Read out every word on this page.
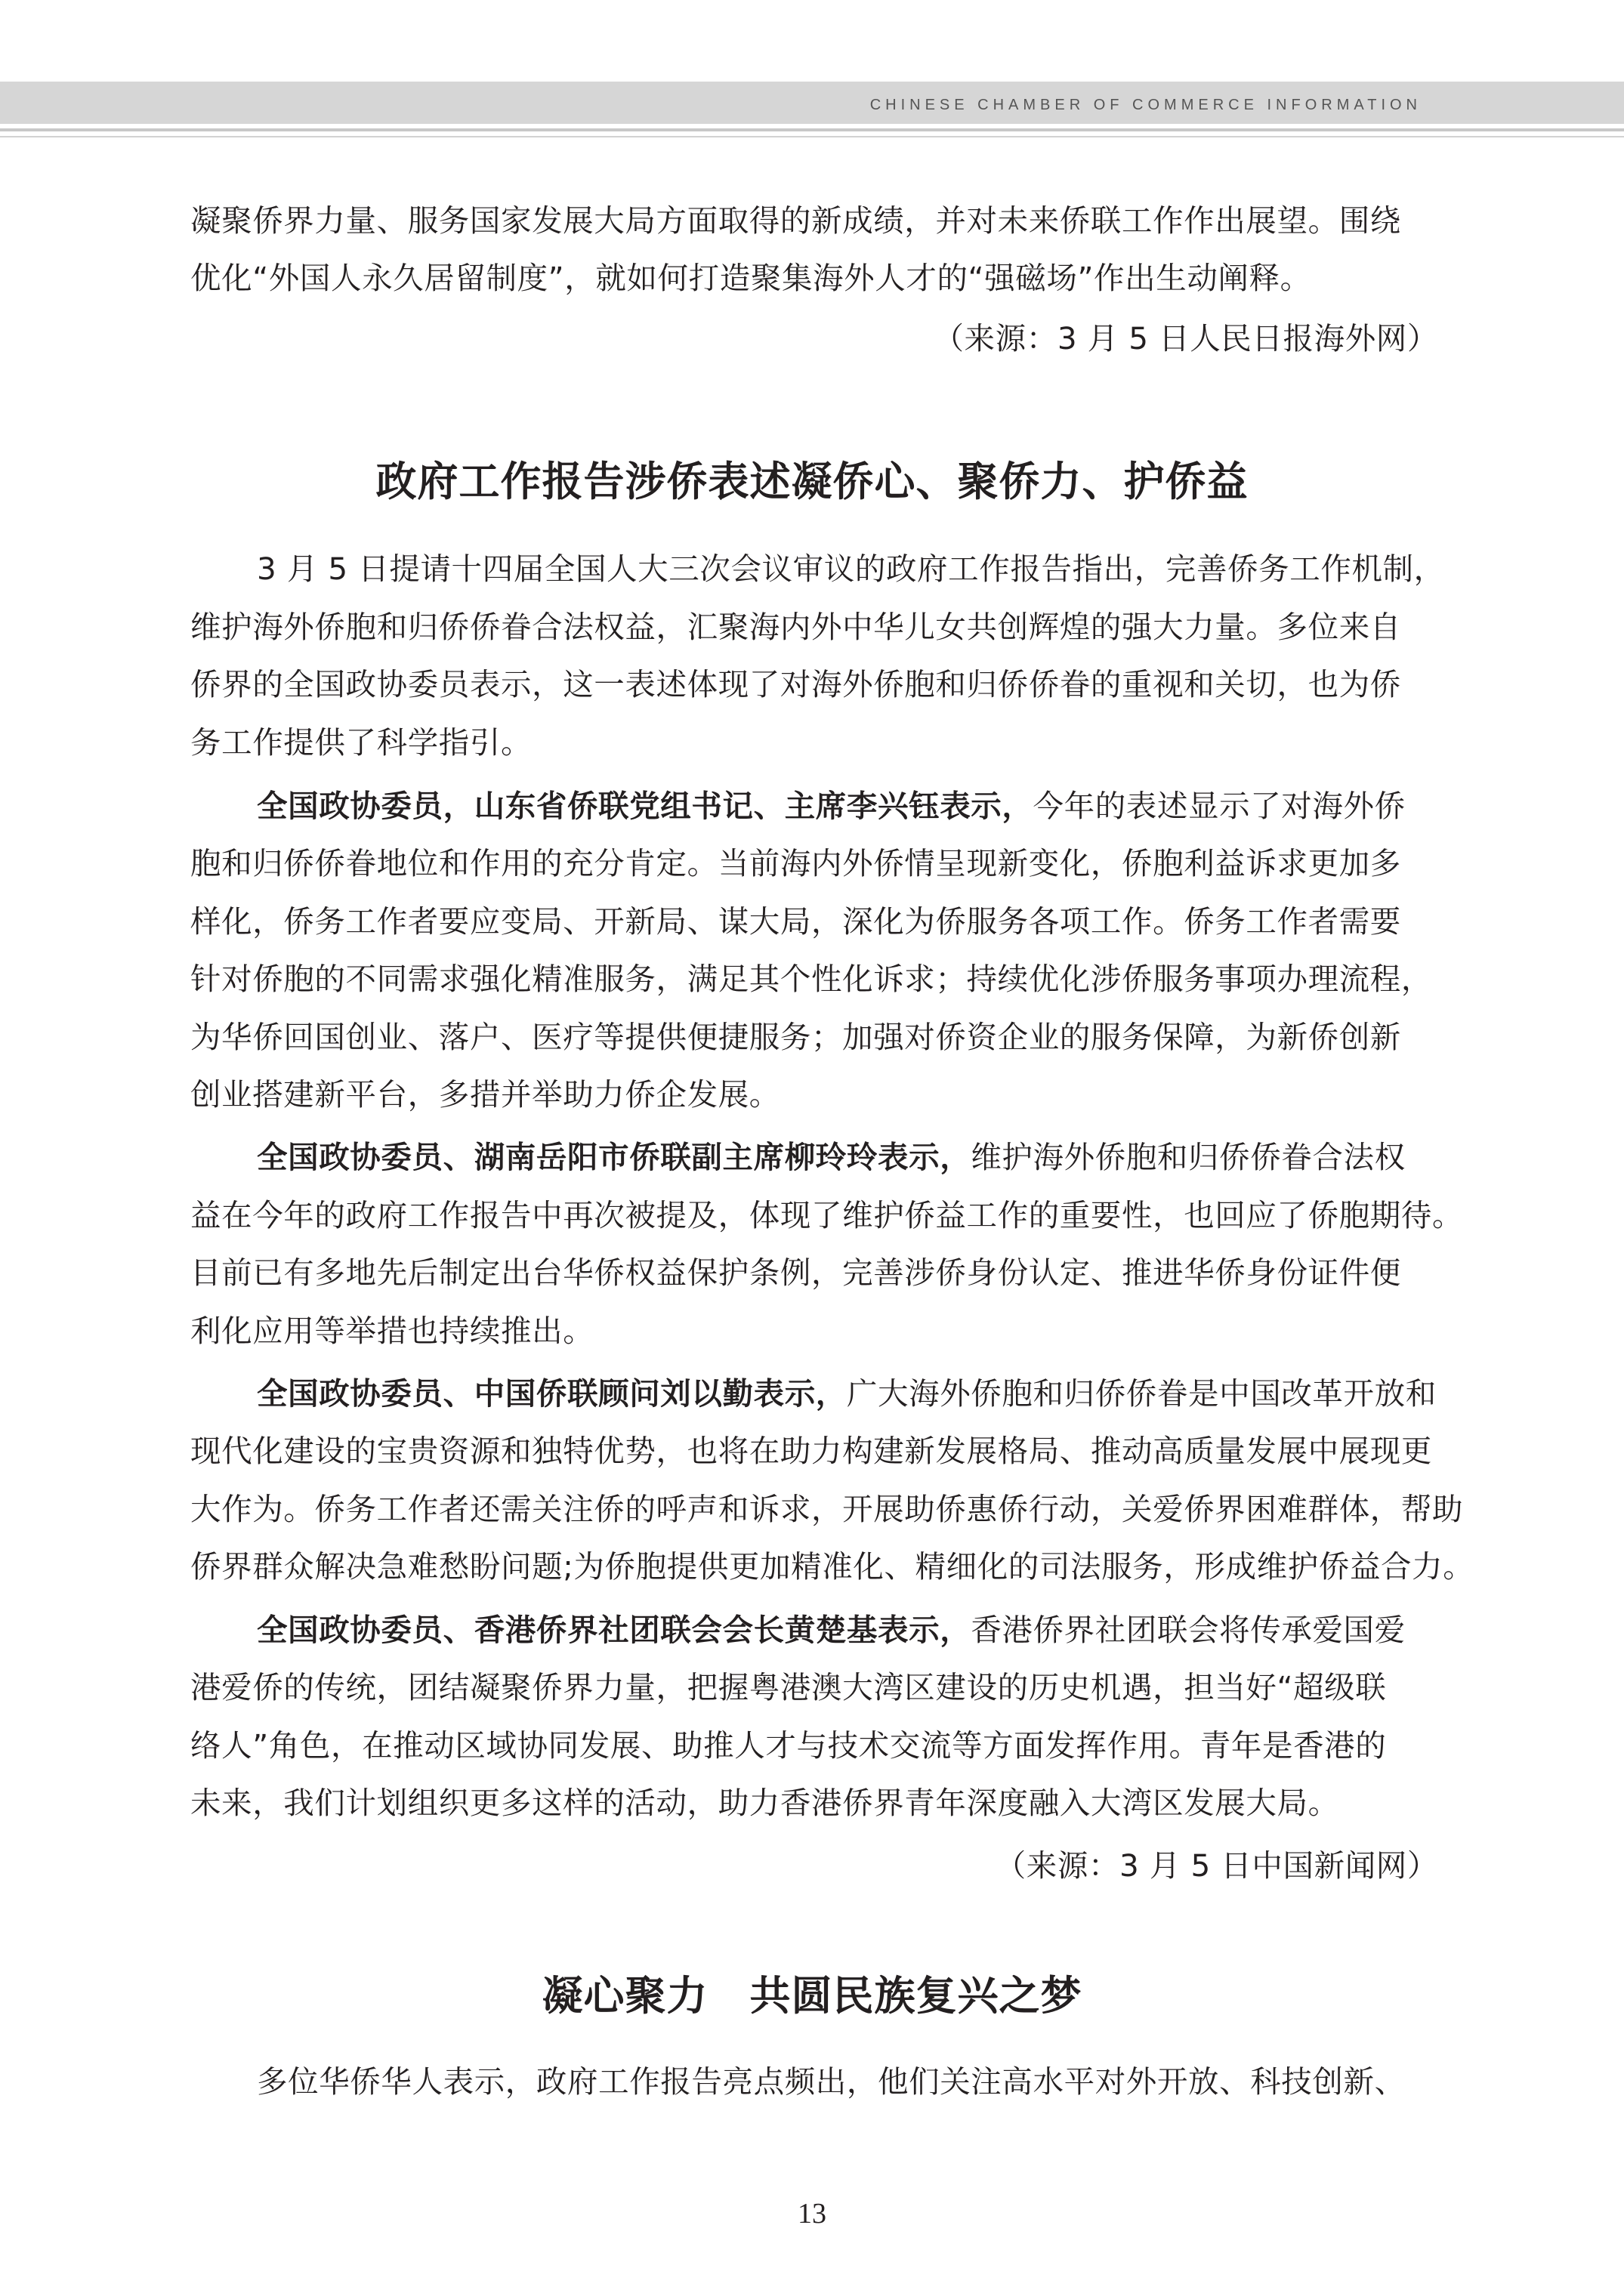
CHINESE CHAMBER OF COMMERCE INFORMATION
凝聚侨界力量、服务国家发展大局方面取得的新成绩，并对未来侨联工作作出展望。围绕
优化“外国人永久居留制度”，就如何打造聚集海外人才的“强磁场”作出生动阐释。
（来源：3 月 5 日人民日报海外网）
政府工作报告涉侨表述凝侨心、聚侨力、护侨益
3 月 5 日提请十四届全国人大三次会议审议的政府工作报告指出，完善侨务工作机制，
维护海外侨胞和归侨侨眷合法权益，汇聚海内外中华儿女共创辉煌的强大力量。多位来自
侨界的全国政协委员表示，这一表述体现了对海外侨胞和归侨侨眷的重视和关切，也为侨
务工作提供了科学指引。
全国政协委员，山东省侨联党组书记、主席李兴钰表示，今年的表述显示了对海外侨
胞和归侨侨眷地位和作用的充分肯定。当前海内外侨情呈现新变化，侨胞利益诉求更加多
样化，侨务工作者要应变局、开新局、谋大局，深化为侨服务各项工作。侨务工作者需要
针对侨胞的不同需求强化精准服务，满足其个性化诉求；持续优化涉侨服务事项办理流程，
为华侨回国创业、落户、医疗等提供便捷服务；加强对侨资企业的服务保障，为新侨创新
创业搭建新平台，多措并举助力侨企发展。
全国政协委员、湖南岳阳市侨联副主席柳玲玲表示，维护海外侨胞和归侨侨眷合法权
益在今年的政府工作报告中再次被提及，体现了维护侨益工作的重要性，也回应了侨胞期待。
目前已有多地先后制定出台华侨权益保护条例，完善涉侨身份认定、推进华侨身份证件便
利化应用等举措也持续推出。
全国政协委员、中国侨联顾问刘以勤表示，广大海外侨胞和归侨侨眷是中国改革开放和
现代化建设的宝贵资源和独特优势，也将在助力构建新发展格局、推动高质量发展中展现更
大作为。侨务工作者还需关注侨的呼声和诉求，开展助侨惠侨行动，关爱侨界困难群体，帮助
侨界群众解决急难愁盼问题;为侨胞提供更加精准化、精细化的司法服务，形成维护侨益合力。
全国政协委员、香港侨界社团联会会长黄楚基表示，香港侨界社团联会将传承爱国爱
港爱侨的传统，团结凝聚侨界力量，把握粤港澳大湾区建设的历史机遇，担当好“超级联
络人”角色，在推动区域协同发展、助推人才与技术交流等方面发挥作用。青年是香港的
未来，我们计划组织更多这样的活动，助力香港侨界青年深度融入大湾区发展大局。
（来源：3 月 5 日中国新闻网）
凝心聚力　共圆民族复兴之梦
多位华侨华人表示，政府工作报告亮点频出，他们关注高水平对外开放、科技创新、
13
